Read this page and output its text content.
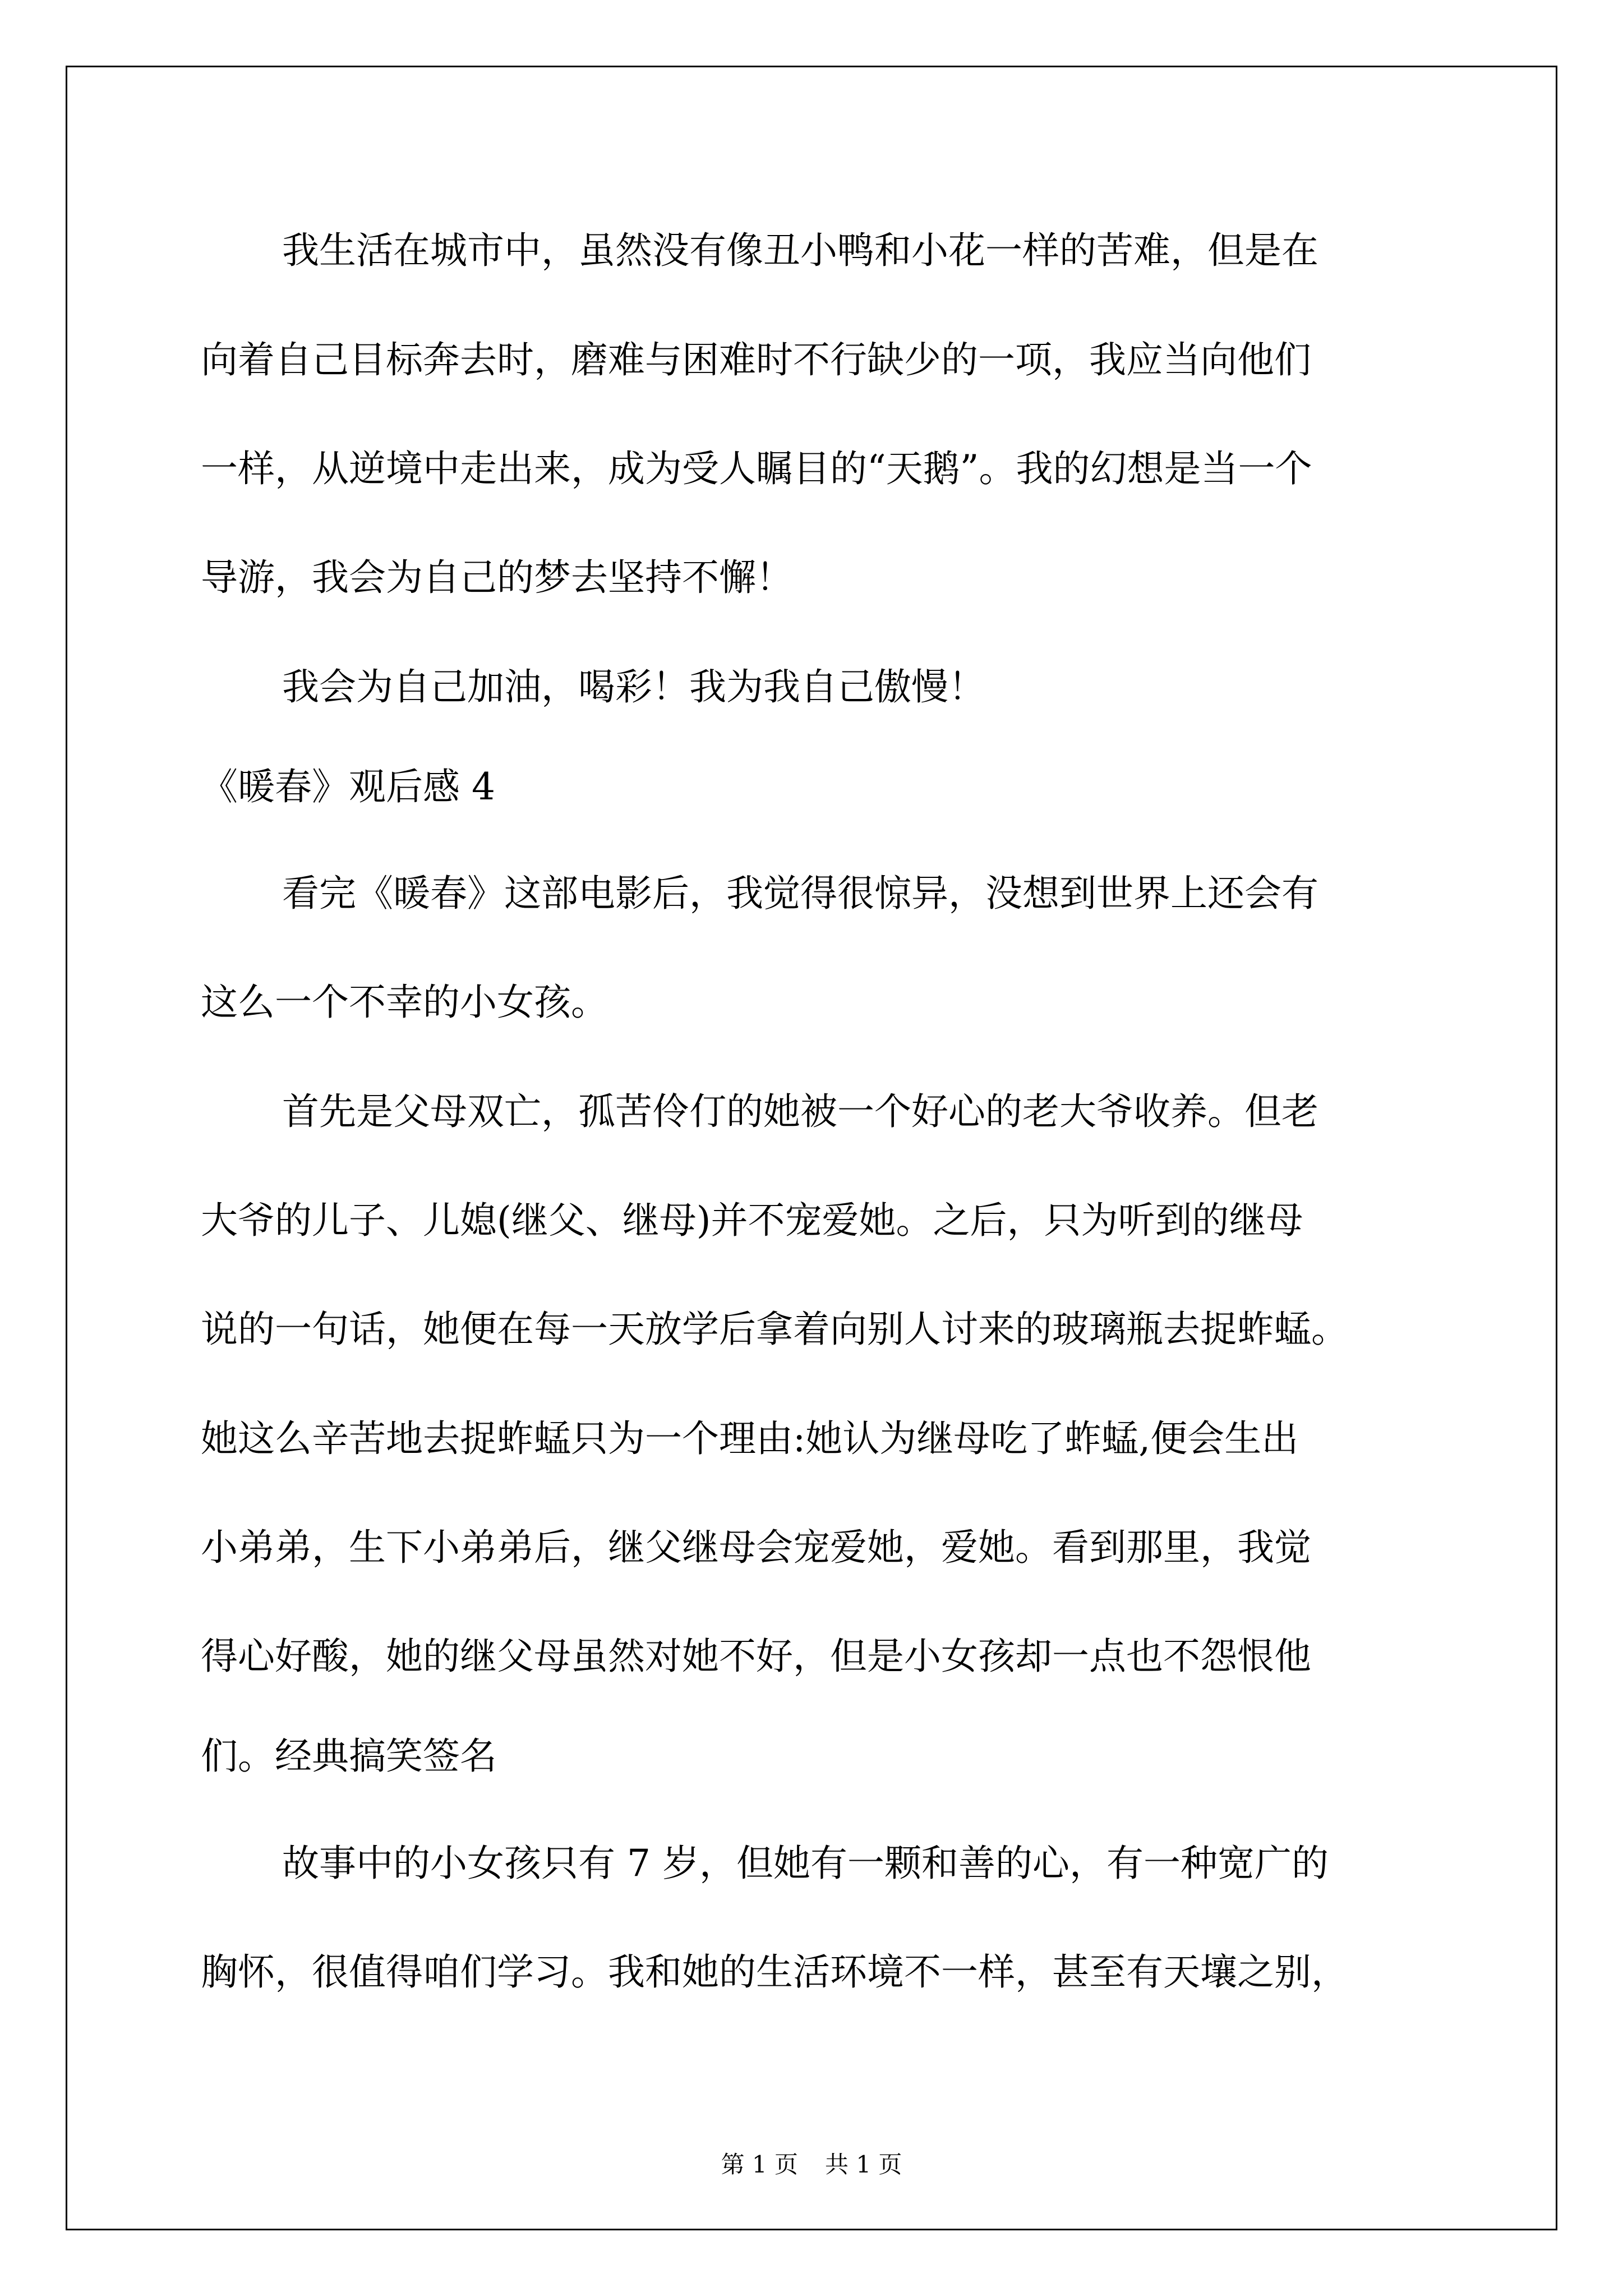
我生活在城市中，虽然没有像丑小鸭和小花一样的苦难，但是在
向着自己目标奔去时，磨难与困难时不行缺少的一项，我应当向他们
一样，从逆境中走出来，成为受人瞩目的“天鹅”。我的幻想是当一个
导游，我会为自己的梦去坚持不懈！
我会为自己加油，喝彩！我为我自己傲慢！
《暖春》观后感 4
看完《暖春》这部电影后，我觉得很惊异，没想到世界上还会有
这么一个不幸的小女孩。
首先是父母双亡，孤苦伶仃的她被一个好心的老大爷收养。但老
大爷的儿子、儿媳(继父、继母)并不宠爱她。之后，只为听到的继母
说的一句话，她便在每一天放学后拿着向别人讨来的玻璃瓶去捉蚱蜢。
她这么辛苦地去捉蚱蜢只为一个理由:她认为继母吃了蚱蜢,便会生出
小弟弟，生下小弟弟后，继父继母会宠爱她，爱她。看到那里，我觉
得心好酸，她的继父母虽然对她不好，但是小女孩却一点也不怨恨他
们。经典搞笑签名
故事中的小女孩只有 7 岁，但她有一颗和善的心，有一种宽广的
胸怀，很值得咱们学习。我和她的生活环境不一样，甚至有天壤之别，
第 1 页 共 1 页
